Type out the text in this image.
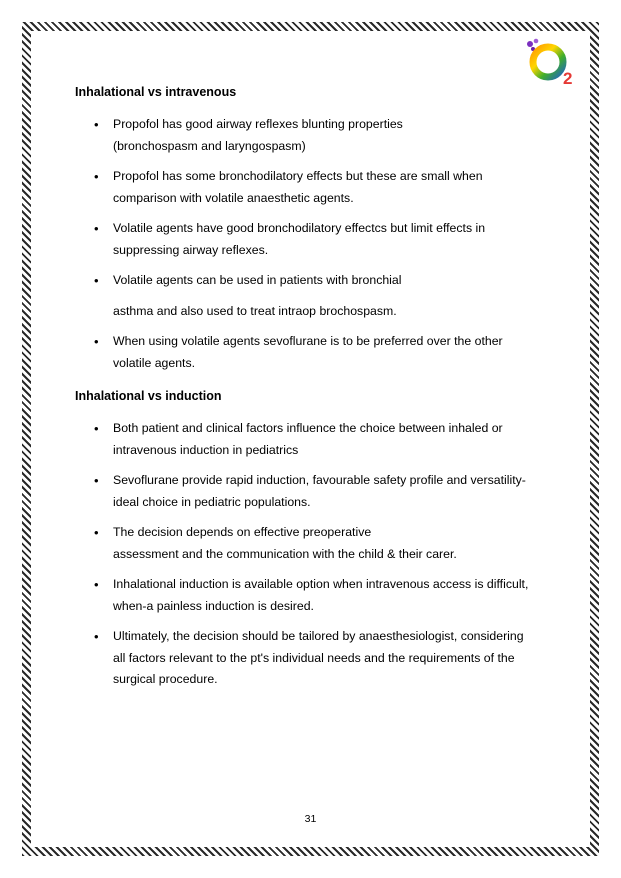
2
Inhalational vs intravenous
• Propofol has good airway reflexes blunting properties
(bronchospasm and laryngospasm)
• Propofol has some bronchodilatory effects but these are small when
comparison with volatile anaesthetic agents.
• Volatile agents have good bronchodilatory effectcs but limit effects in
suppressing airway reflexes.
• Volatile agents can be used in patients with bronchial
asthma and also used to treat intraop brochospasm.
• When using volatile agents sevoflurane is to be preferred over the other
volatile agents.
Inhalational vs induction
• Both patient and clinical factors influence the choice between inhaled or
intravenous induction in pediatrics
• Sevoflurane provide rapid induction, favourable safety profile and versatility-
ideal choice in pediatric populations.
• The decision depends on effective preoperative
assessment and the communication with the child & their carer.
• Inhalational induction is available option when intravenous access is difficult,
when-a painless induction is desired.
• Ultimately, the decision should be tailored by anaesthesiologist, considering
all factors relevant to the pt's individual needs and the requirements of the
surgical procedure.
31
